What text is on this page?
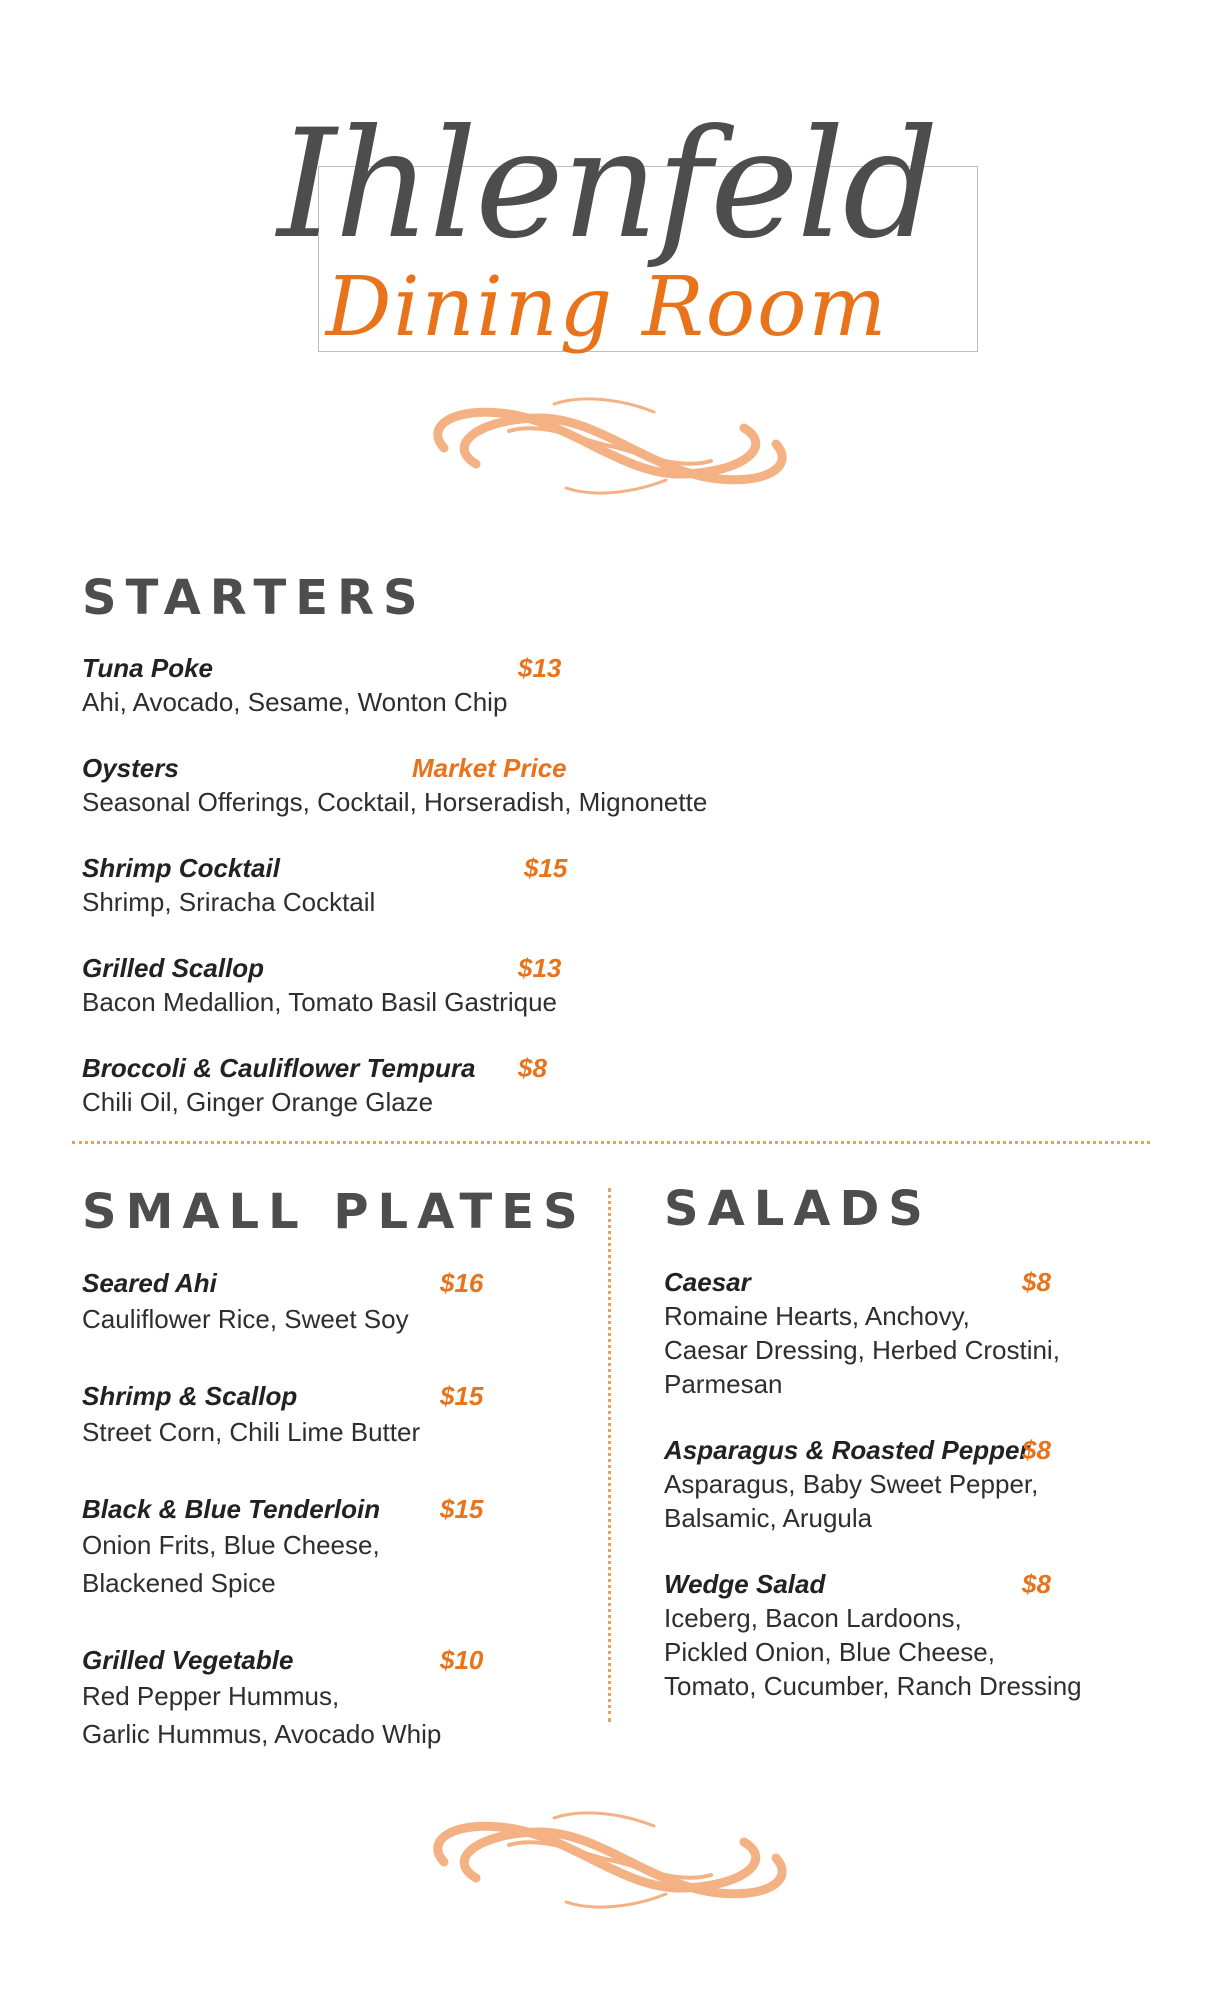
Ihlenfeld
Dining Room
STARTERS
Tuna Poke	$13
Ahi, Avocado, Sesame, Wonton Chip
Oysters	Market Price
Seasonal Offerings, Cocktail, Horseradish, Mignonette
Shrimp Cocktail	$15
Shrimp, Sriracha Cocktail
Grilled Scallop	$13
Bacon Medallion, Tomato Basil Gastrique
Broccoli & Cauliflower Tempura $8
Chili Oil, Ginger Orange Glaze
SMALL PLATES
Seared Ahi	$16
Cauliflower Rice, Sweet Soy
Shrimp & Scallop	$15
Street Corn, Chili Lime Butter
Black & Blue Tenderloin $15
Onion Frits, Blue Cheese,
Blackened Spice
Grilled Vegetable	$10
Red Pepper Hummus,
Garlic Hummus, Avocado Whip
SALADS
Caesar	$8
Romaine Hearts, Anchovy,
Caesar Dressing, Herbed Crostini,
Parmesan
Asparagus & Roasted Pepper
$8
Asparagus, Baby Sweet Pepper,
Balsamic, Arugula
Wedge Salad	$8
Iceberg, Bacon Lardoons,
Pickled Onion, Blue Cheese,
Tomato, Cucumber, Ranch Dressing
